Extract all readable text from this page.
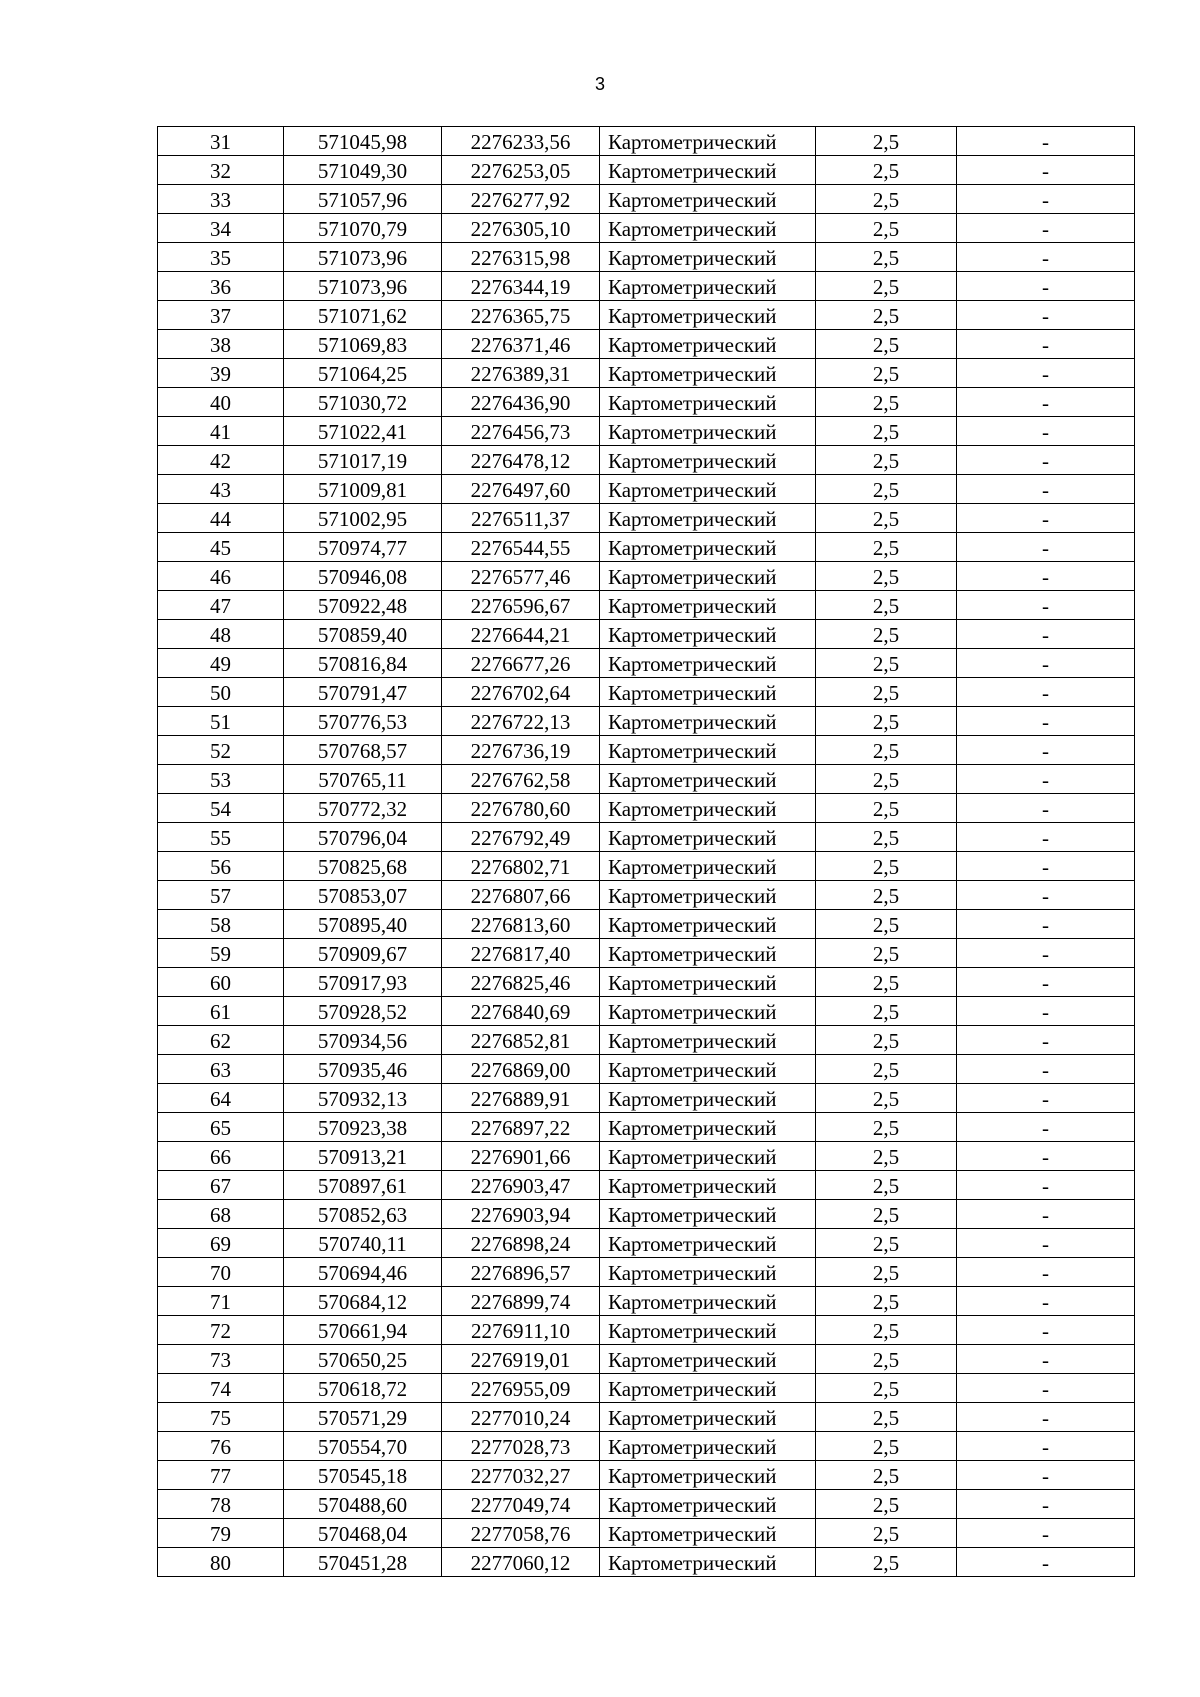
3
31	571045,98	2276233,56	Картометрический	2,5	-
32	571049,30	2276253,05	Картометрический	2,5	-
33	571057,96	2276277,92	Картометрический	2,5	-
34	571070,79	2276305,10	Картометрический	2,5	-
35	571073,96	2276315,98	Картометрический	2,5	-
36	571073,96	2276344,19	Картометрический	2,5	-
37	571071,62	2276365,75	Картометрический	2,5	-
38	571069,83	2276371,46	Картометрический	2,5	-
39	571064,25	2276389,31	Картометрический	2,5	-
40	571030,72	2276436,90	Картометрический	2,5	-
41	571022,41	2276456,73	Картометрический	2,5	-
42	571017,19	2276478,12	Картометрический	2,5	-
43	571009,81	2276497,60	Картометрический	2,5	-
44	571002,95	2276511,37	Картометрический	2,5	-
45	570974,77	2276544,55	Картометрический	2,5	-
46	570946,08	2276577,46	Картометрический	2,5	-
47	570922,48	2276596,67	Картометрический	2,5	-
48	570859,40	2276644,21	Картометрический	2,5	-
49	570816,84	2276677,26	Картометрический	2,5	-
50	570791,47	2276702,64	Картометрический	2,5	-
51	570776,53	2276722,13	Картометрический	2,5	-
52	570768,57	2276736,19	Картометрический	2,5	-
53	570765,11	2276762,58	Картометрический	2,5	-
54	570772,32	2276780,60	Картометрический	2,5	-
55	570796,04	2276792,49	Картометрический	2,5	-
56	570825,68	2276802,71	Картометрический	2,5	-
57	570853,07	2276807,66	Картометрический	2,5	-
58	570895,40	2276813,60	Картометрический	2,5	-
59	570909,67	2276817,40	Картометрический	2,5	-
60	570917,93	2276825,46	Картометрический	2,5	-
61	570928,52	2276840,69	Картометрический	2,5	-
62	570934,56	2276852,81	Картометрический	2,5	-
63	570935,46	2276869,00	Картометрический	2,5	-
64	570932,13	2276889,91	Картометрический	2,5	-
65	570923,38	2276897,22	Картометрический	2,5	-
66	570913,21	2276901,66	Картометрический	2,5	-
67	570897,61	2276903,47	Картометрический	2,5	-
68	570852,63	2276903,94	Картометрический	2,5	-
69	570740,11	2276898,24	Картометрический	2,5	-
70	570694,46	2276896,57	Картометрический	2,5	-
71	570684,12	2276899,74	Картометрический	2,5	-
72	570661,94	2276911,10	Картометрический	2,5	-
73	570650,25	2276919,01	Картометрический	2,5	-
74	570618,72	2276955,09	Картометрический	2,5	-
75	570571,29	2277010,24	Картометрический	2,5	-
76	570554,70	2277028,73	Картометрический	2,5	-
77	570545,18	2277032,27	Картометрический	2,5	-
78	570488,60	2277049,74	Картометрический	2,5	-
79	570468,04	2277058,76	Картометрический	2,5	-
80	570451,28	2277060,12	Картометрический	2,5	-
